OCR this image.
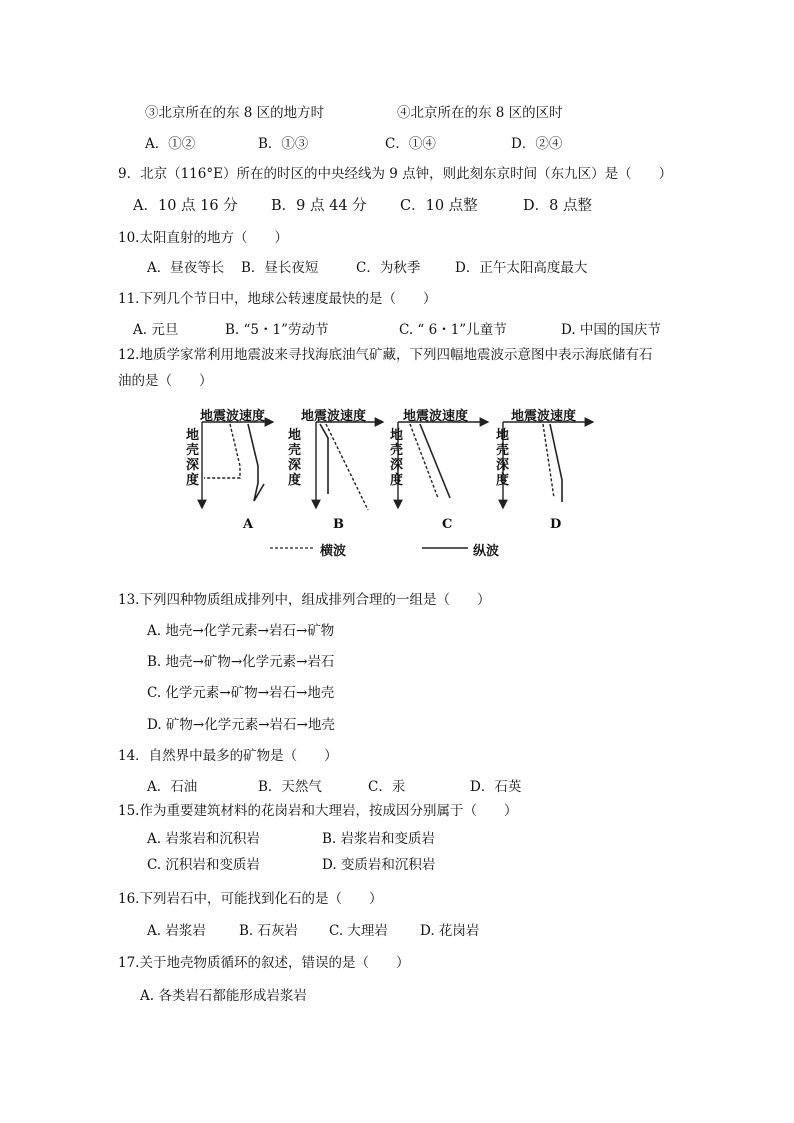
③北京所在的东 8 区的地方时	④北京所在的东 8 区的区时
A．①②	B．①③	C．①④	D．②④
9．北京（116°E）所在的时区的中央经线为 9 点钟，则此刻东京时间（东九区）是（　　）
A．10 点 16 分 B．9 点 44 分 C．10 点整	D．8 点整
10.太阳直射的地方（　　）
A．昼夜等长 B．昼长夜短	C．为秋季	D．正午太阳高度最大
11.下列几个节日中，地球公转速度最快的是（　　）
A. 元旦	B. “5・1”劳动节	C. “ 6・1”儿童节	D. 中国的国庆节
12.地质学家常利用地震波来寻找海底油气矿藏，下列四幅地震波示意图中表示海底储有石
油的是（　　）
地震波速度	地震波速度	地震波速度	地震波速度
地壳深度
地壳深度
地壳深度
地壳深度
A	B	C	D
横波	纵波
13.下列四种物质组成排列中，组成排列合理的一组是（　　）
A. 地壳→化学元素→岩石→矿物
B. 地壳→矿物→化学元素→岩石
C. 化学元素→矿物→岩石→地壳
D. 矿物→化学元素→岩石→地壳
14．自然界中最多的矿物是（　　）
A．石油	B．天然气	C．汞	D．石英
15.作为重要建筑材料的花岗岩和大理岩，按成因分别属于（　　）
A. 岩浆岩和沉积岩	B. 岩浆岩和变质岩
C. 沉积岩和变质岩	D. 变质岩和沉积岩
16.下列岩石中，可能找到化石的是（　　）
A. 岩浆岩 B. 石灰岩 C. 大理岩 D. 花岗岩
17.关于地壳物质循环的叙述，错误的是（　　）
A. 各类岩石都能形成岩浆岩
